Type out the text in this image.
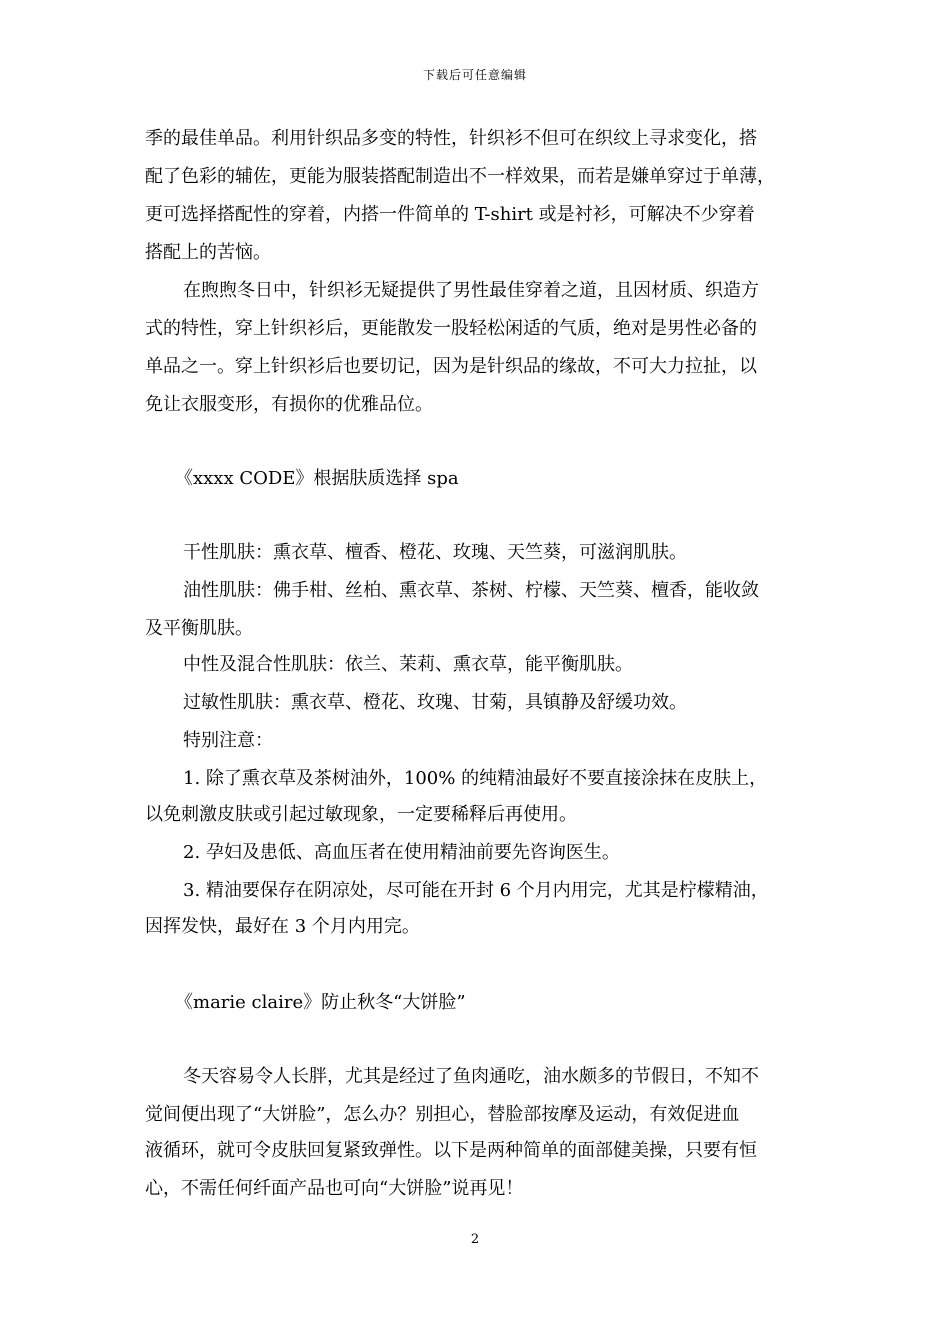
下载后可任意编辑
季的最佳单品。利用针织品多变的特性，针织衫不但可在织纹上寻求变化，搭
配了色彩的辅佐，更能为服装搭配制造出不一样效果，而若是嫌单穿过于单薄，
更可选择搭配性的穿着，内搭一件简单的 T-shirt 或是衬衫，可解决不少穿着
搭配上的苦恼。
在煦煦冬日中，针织衫无疑提供了男性最佳穿着之道，且因材质、织造方
式的特性，穿上针织衫后，更能散发一股轻松闲适的气质，绝对是男性必备的
单品之一。穿上针织衫后也要切记，因为是针织品的缘故，不可大力拉扯，以
免让衣服变形，有损你的优雅品位。
《xxxx CODE》根据肤质选择 spa
干性肌肤：熏衣草、檀香、橙花、玫瑰、天竺葵，可滋润肌肤。
油性肌肤：佛手柑、丝柏、熏衣草、茶树、柠檬、天竺葵、檀香，能收敛
及平衡肌肤。
中性及混合性肌肤：依兰、茉莉、熏衣草，能平衡肌肤。
过敏性肌肤：熏衣草、橙花、玫瑰、甘菊，具镇静及舒缓功效。
特别注意：
1. 除了熏衣草及茶树油外，100% 的纯精油最好不要直接涂抹在皮肤上，
以免刺激皮肤或引起过敏现象，一定要稀释后再使用。
2. 孕妇及患低、高血压者在使用精油前要先咨询医生。
3. 精油要保存在阴凉处，尽可能在开封 6 个月内用完，尤其是柠檬精油，
因挥发快，最好在 3 个月内用完。
《marie claire》防止秋冬“大饼脸”
冬天容易令人长胖，尤其是经过了鱼肉通吃，油水颇多的节假日，不知不
觉间便出现了“大饼脸”，怎么办？别担心，替脸部按摩及运动，有效促进血
液循环，就可令皮肤回复紧致弹性。以下是两种简单的面部健美操，只要有恒
心，不需任何纤面产品也可向“大饼脸”说再见！
2
